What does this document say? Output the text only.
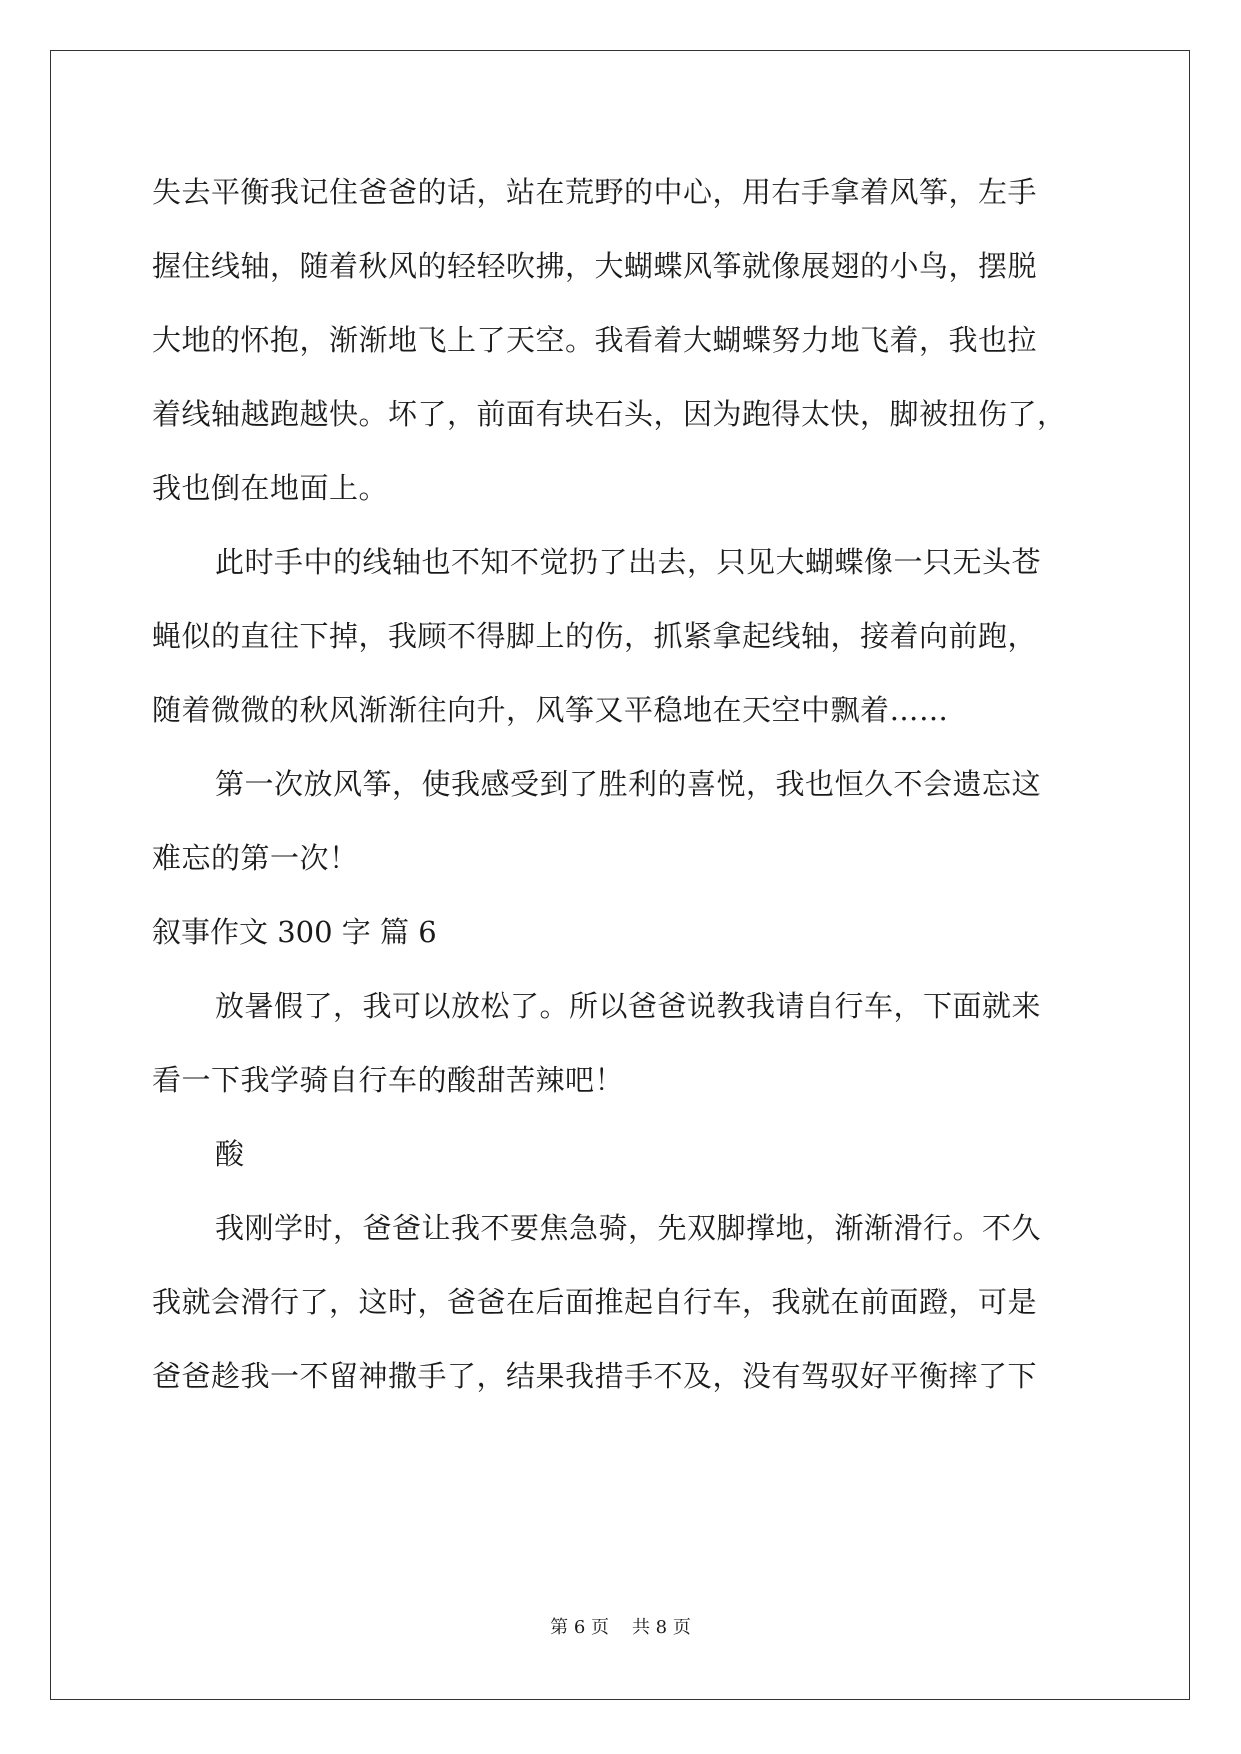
失去平衡我记住爸爸的话，站在荒野的中心，用右手拿着风筝，左手
握住线轴，随着秋风的轻轻吹拂，大蝴蝶风筝就像展翅的小鸟，摆脱
大地的怀抱，渐渐地飞上了天空。我看着大蝴蝶努力地飞着，我也拉
着线轴越跑越快。坏了，前面有块石头，因为跑得太快，脚被扭伤了，
我也倒在地面上。
此时手中的线轴也不知不觉扔了出去，只见大蝴蝶像一只无头苍
蝇似的直往下掉，我顾不得脚上的伤，抓紧拿起线轴，接着向前跑，
随着微微的秋风渐渐往向升，风筝又平稳地在天空中飘着……
第一次放风筝，使我感受到了胜利的喜悦，我也恒久不会遗忘这
难忘的第一次！
叙事作文 300 字 篇 6
放暑假了，我可以放松了。所以爸爸说教我请自行车，下面就来
看一下我学骑自行车的酸甜苦辣吧！
酸
我刚学时，爸爸让我不要焦急骑，先双脚撑地，渐渐滑行。不久
我就会滑行了，这时，爸爸在后面推起自行车，我就在前面蹬，可是
爸爸趁我一不留神撒手了，结果我措手不及，没有驾驭好平衡摔了下
第 6 页    共 8 页
